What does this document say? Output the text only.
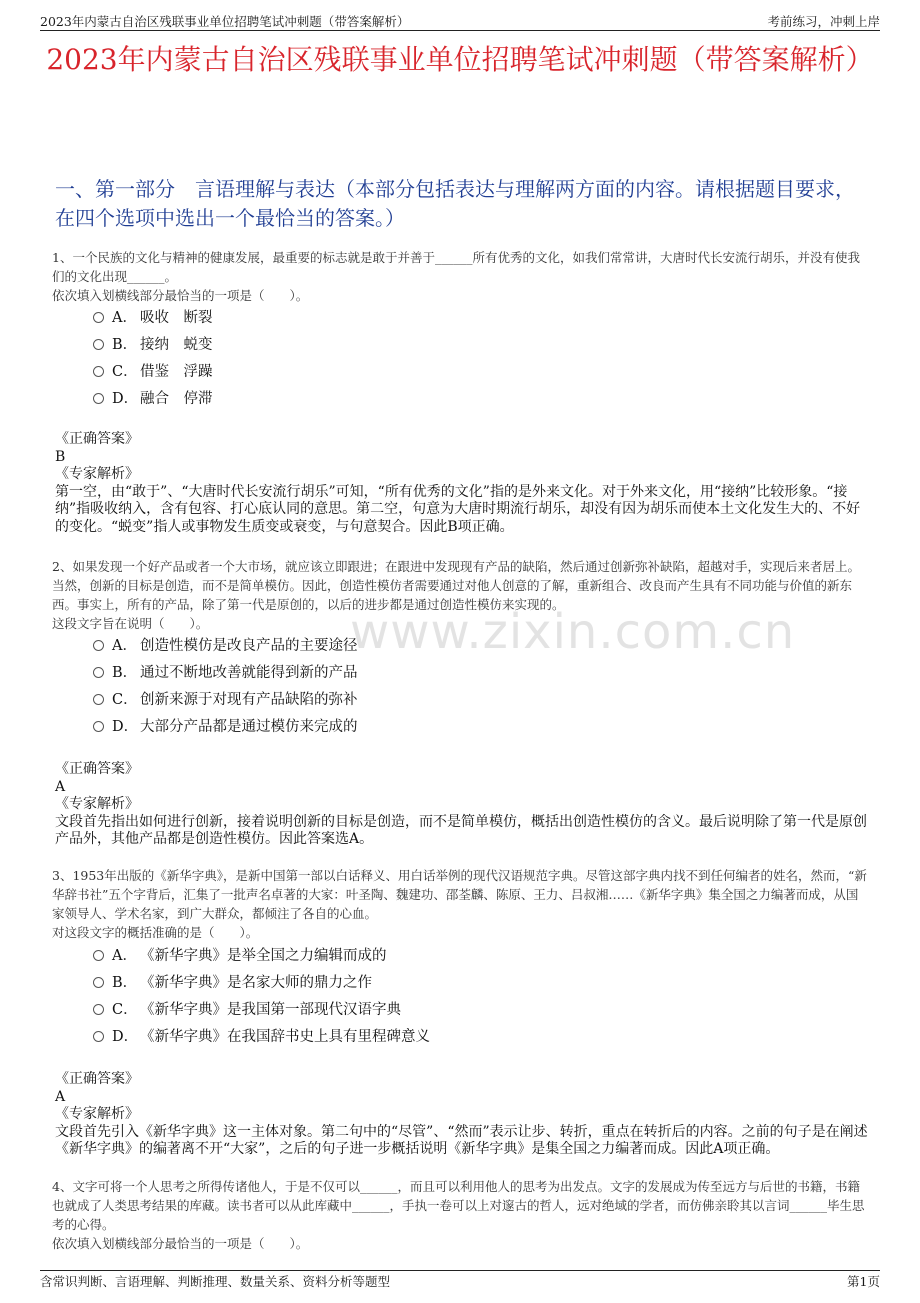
2023年内蒙古自治区残联事业单位招聘笔试冲刺题（带答案解析）	考前练习，冲刺上岸
2023年内蒙古自治区残联事业单位招聘笔试冲刺题（带答案解析）
一、第一部分　言语理解与表达（本部分包括表达与理解两方面的内容。请根据题目要求，在四个选项中选出一个最恰当的答案。）
www.zixin.com.cn

1、一个民族的文化与精神的健康发展，最重要的标志就是敢于并善于______所有优秀的文化，如我们常常讲，大唐时代长安流行胡乐，并没有使我们的文化出现______。

依次填入划横线部分最恰当的一项是（　　）。

A． 吸收　断裂
B． 接纳　蜕变
C． 借鉴　浮躁
D． 融合　停滞

《正确答案》

B

《专家解析》

第一空，由“敢于”、“大唐时代长安流行胡乐”可知，“所有优秀的文化”指的是外来文化。对于外来文化，用“接纳”比较形象。“接纳”指吸收纳入，含有包容、打心底认同的意思。第二空，句意为大唐时期流行胡乐，却没有因为胡乐而使本土文化发生大的、不好的变化。“蜕变”指人或事物发生质变或衰变，与句意契合。因此B项正确。

2、如果发现一个好产品或者一个大市场，就应该立即跟进；在跟进中发现现有产品的缺陷，然后通过创新弥补缺陷，超越对手，实现后来者居上。当然，创新的目标是创造，而不是简单模仿。因此，创造性模仿者需要通过对他人创意的了解，重新组合、改良而产生具有不同功能与价值的新东西。事实上，所有的产品，除了第一代是原创的，以后的进步都是通过创造性模仿来实现的。

这段文字旨在说明（　　）。

A． 创造性模仿是改良产品的主要途径
B． 通过不断地改善就能得到新的产品
C． 创新来源于对现有产品缺陷的弥补
D． 大部分产品都是通过模仿来完成的

《正确答案》

A

《专家解析》

文段首先指出如何进行创新，接着说明创新的目标是创造，而不是简单模仿，概括出创造性模仿的含义。最后说明除了第一代是原创产品外，其他产品都是创造性模仿。因此答案选A。

3、1953年出版的《新华字典》，是新中国第一部以白话释义、用白话举例的现代汉语规范字典。尽管这部字典内找不到任何编者的姓名，然而，“新华辞书社”五个字背后，汇集了一批声名卓著的大家：叶圣陶、魏建功、邵荃麟、陈原、王力、吕叔湘……《新华字典》集全国之力编著而成，从国家领导人、学术名家，到广大群众，都倾注了各自的心血。

对这段文字的概括准确的是（　　）。

A． 《新华字典》是举全国之力编辑而成的
B． 《新华字典》是名家大师的鼎力之作
C． 《新华字典》是我国第一部现代汉语字典
D． 《新华字典》在我国辞书史上具有里程碑意义

《正确答案》

A

《专家解析》

文段首先引入《新华字典》这一主体对象。第二句中的“尽管”、“然而”表示让步、转折，重点在转折后的内容。之前的句子是在阐述《新华字典》的编著离不开“大家”，之后的句子进一步概括说明《新华字典》是集全国之力编著而成。因此A项正确。

4、文字可将一个人思考之所得传诸他人，于是不仅可以______，而且可以利用他人的思考为出发点。文字的发展成为传至远方与后世的书籍，书籍也就成了人类思考结果的库藏。读书者可以从此库藏中______，手执一卷可以上对邃古的哲人，远对绝域的学者，而仿佛亲聆其以言词______毕生思考的心得。

依次填入划横线部分最恰当的一项是（　　）。

含常识判断、言语理解、判断推理、数量关系、资料分析等题型	第1页
